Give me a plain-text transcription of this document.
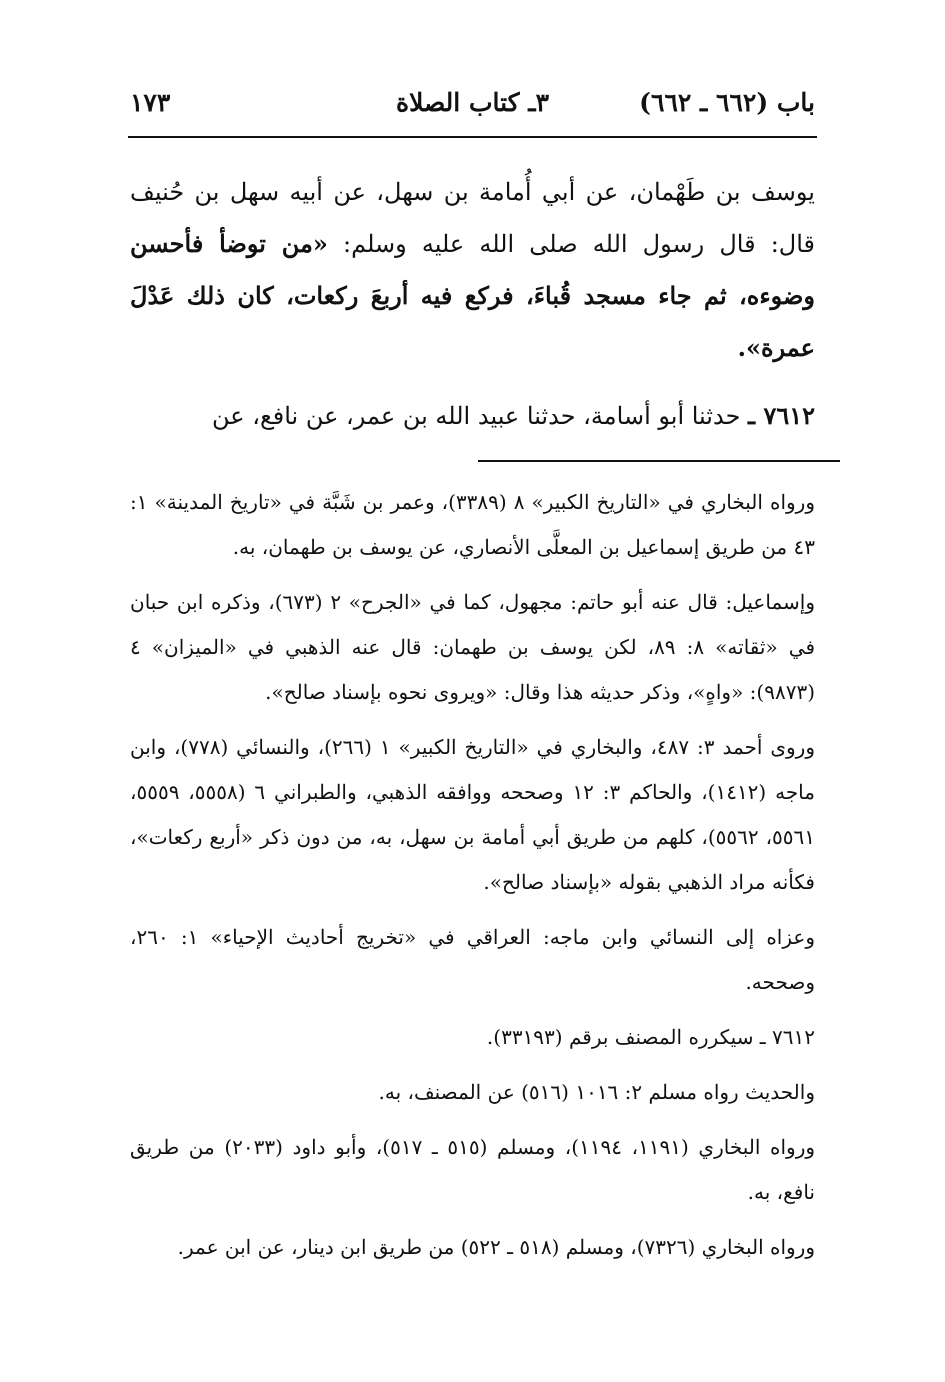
باب (٦٦٢ ـ ٦٦٢)
٣ـ كتاب الصلاة
١٧٣

يوسف بن طَهْمان، عن أبي أُمامة بن سهل، عن أبيه سهل بن حُنيف قال: قال رسول الله صلى الله عليه وسلم: «من توضأ فأحسن وضوءه، ثم جاء مسجد قُباءَ، فركع فيه أربعَ ركعات، كان ذلك عَدْلَ عمرة».

٧٦١٢ ـ حدثنا أبو أسامة، حدثنا عبيد الله بن عمر، عن نافع، عن

ورواه البخاري في «التاريخ الكبير» ٨ (٣٣٨٩)، وعمر بن شَبَّة في «تاريخ المدينة» ١: ٤٣ من طريق إسماعيل بن المعلَّى الأنصاري، عن يوسف بن طهمان، به.

وإسماعيل: قال عنه أبو حاتم: مجهول، كما في «الجرح» ٢ (٦٧٣)، وذكره ابن حبان في «ثقاته» ٨: ٨٩، لكن يوسف بن طهمان: قال عنه الذهبي في «الميزان» ٤ (٩٨٧٣): «واهٍ»، وذكر حديثه هذا وقال: «ويروى نحوه بإسناد صالح».

وروى أحمد ٣: ٤٨٧، والبخاري في «التاريخ الكبير» ١ (٢٦٦)، والنسائي (٧٧٨)، وابن ماجه (١٤١٢)، والحاكم ٣: ١٢ وصححه ووافقه الذهبي، والطبراني ٦ (٥٥٥٨، ٥٥٥٩، ٥٥٦١، ٥٥٦٢)، كلهم من طريق أبي أمامة بن سهل، به، من دون ذكر «أربع ركعات»، فكأنه مراد الذهبي بقوله «بإسناد صالح».

وعزاه إلى النسائي وابن ماجه: العراقي في «تخريج أحاديث الإحياء» ١: ٢٦٠، وصححه.

٧٦١٢ ـ سيكرره المصنف برقم (٣٣١٩٣).

والحديث رواه مسلم ٢: ١٠١٦ (٥١٦) عن المصنف، به.

ورواه البخاري (١١٩١، ١١٩٤)، ومسلم (٥١٥ ـ ٥١٧)، وأبو داود (٢٠٣٣) من طريق نافع، به.

ورواه البخاري (٧٣٢٦)، ومسلم (٥١٨ ـ ٥٢٢) من طريق ابن دينار، عن ابن عمر.
